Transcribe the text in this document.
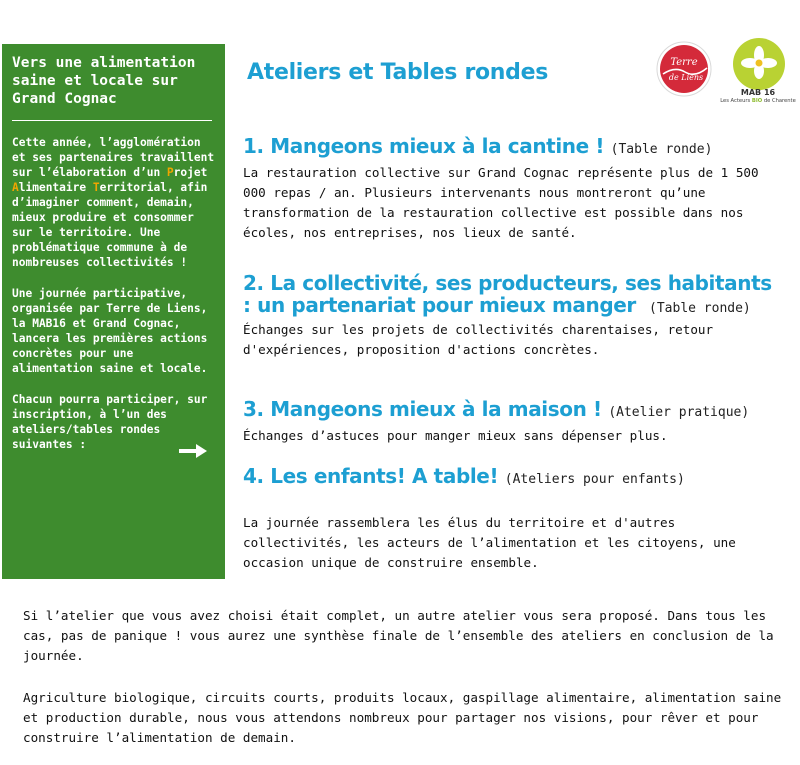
Vers une alimentation saine et locale sur Grand Cognac

Cette année, l’agglomération et ses partenaires travaillent sur l’élaboration d’un Projet Alimentaire Territorial, afin d’imaginer comment, demain, mieux produire et consommer sur le territoire. Une problématique commune à de nombreuses collectivités !

Une journée participative, organisée par Terre de Liens, la MAB16 et Grand Cognac, lancera les premières actions concrètes pour une alimentation saine et locale.

Chacun pourra participer, sur inscription, à l’un des ateliers/tables rondes suivantes :

Terre
de Liens
MAB 16
Les Acteurs BIO de Charente
Ateliers et Tables rondes
1. Mangeons mieux à la cantine ! (Table ronde)

La restauration collective sur Grand Cognac représente plus de 1 500 000 repas / an. Plusieurs intervenants nous montreront qu’une transformation de la restauration collective est possible dans nos écoles, nos entreprises, nos lieux de santé.

2. La collectivité, ses producteurs, ses habitants : un partenariat pour mieux manger (Table ronde)

Échanges sur les projets de collectivités charentaises, retour d'expériences, proposition d'actions concrètes.

3. Mangeons mieux à la maison ! (Atelier pratique)

Échanges d’astuces pour manger mieux sans dépenser plus.

4. Les enfants! A table! (Ateliers pour enfants)

La journée rassemblera les élus du territoire et d'autres collectivités, les acteurs de l’alimentation et les citoyens, une occasion unique de construire ensemble.

Si l’atelier que vous avez choisi était complet, un autre atelier vous sera proposé. Dans tous les cas, pas de panique ! vous aurez une synthèse finale de l’ensemble des ateliers en conclusion de la journée.

Agriculture biologique, circuits courts, produits locaux, gaspillage alimentaire, alimentation saine et production durable, nous vous attendons nombreux pour partager nos visions, pour rêver et pour construire l’alimentation de demain.
